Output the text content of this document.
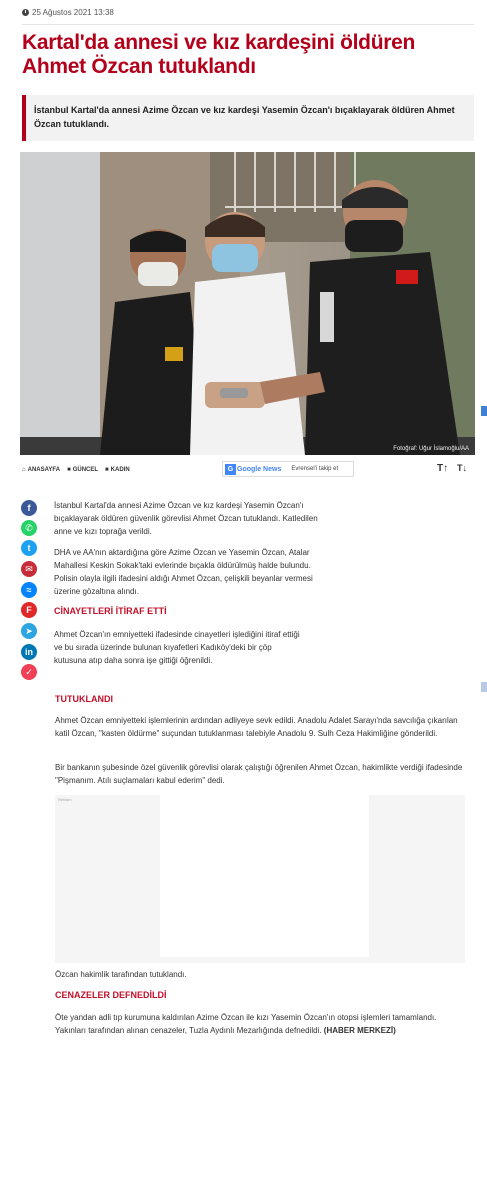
25 Ağustos 2021 13:38
Kartal'da annesi ve kız kardeşini öldüren Ahmet Özcan tutuklandı
İstanbul Kartal'da annesi Azime Özcan ve kız kardeşi Yasemin Özcan'ı bıçaklayarak öldüren Ahmet Özcan tutuklandı.
Fotoğraf: Uğur İslamoğlu/AA
⌂ ANASAYFA ■ GÜNCEL ■ KADIN	G Google News Evrensel'i takip et	T↑ T↓
f
✆
t
✉
≈
F
➤
in
✓

İstanbul Kartal'da annesi Azime Özcan ve kız kardeşi Yasemin Özcan'ı bıçaklayarak öldüren güvenlik görevlisi Ahmet Özcan tutuklandı. Katledilen anne ve kızı toprağa verildi.

DHA ve AA'nın aktardığına göre Azime Özcan ve Yasemin Özcan, Atalar Mahallesi Keskin Sokak'taki evlerinde bıçakla öldürülmüş halde bulundu. Polisin olayla ilgili ifadesini aldığı Ahmet Özcan, çelişkili beyanlar vermesi üzerine gözaltına alındı.

CİNAYETLERİ İTİRAF ETTİ

Ahmet Özcan'ın emniyetteki ifadesinde cinayetleri işlediğini itiraf ettiği ve bu sırada üzerinde bulunan kıyafetleri Kadıköy'deki bir çöp kutusuna atıp daha sonra işe gittiği öğrenildi.

TUTUKLANDI

Ahmet Özcan emniyetteki işlemlerinin ardından adliyeye sevk edildi. Anadolu Adalet Sarayı'nda savcılığa çıkarılan katil Özcan, "kasten öldürme" suçundan tutuklanması talebiyle Anadolu 9. Sulh Ceza Hakimliğine gönderildi.

Bir bankanın şubesinde özel güvenlik görevlisi olarak çalıştığı öğrenilen Ahmet Özcan, hakimlikte verdiği ifadesinde "Pişmanım. Atılı suçlamaları kabul ederim" dedi.

Reklam

Özcan hakimlik tarafından tutuklandı.

CENAZELER DEFNEDİLDİ

Öte yandan adli tıp kurumuna kaldırılan Azime Özcan ile kızı Yasemin Özcan'ın otopsi işlemleri tamamlandı. Yakınları tarafından alınan cenazeler, Tuzla Aydınlı Mezarlığında defnedildi. (HABER MERKEZİ)
